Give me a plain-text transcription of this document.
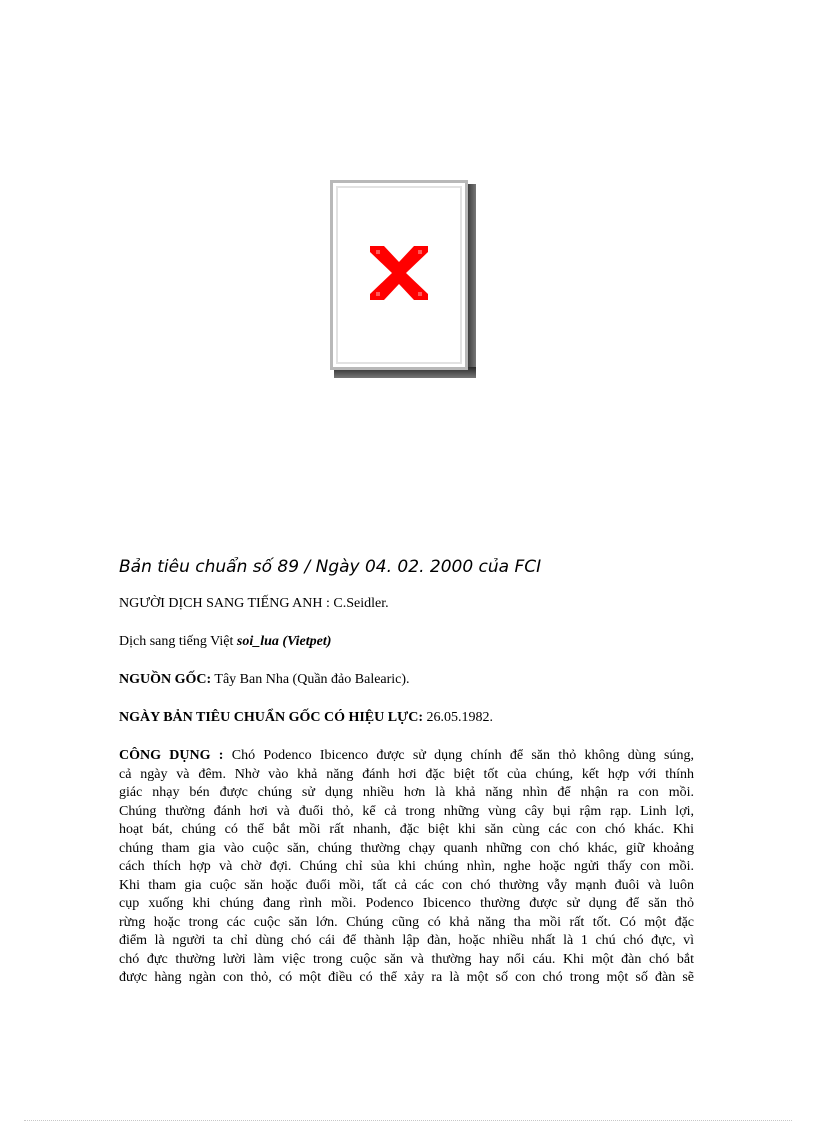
Bản tiêu chuẩn số 89 / Ngày 04. 02. 2000 của FCI
NGƯỜI DỊCH SANG TIẾNG ANH : C.Seidler.
Dịch sang tiếng Việt soi_lua (Vietpet)
NGUỒN GỐC: Tây Ban Nha (Quần đảo Balearic).
NGÀY BẢN TIÊU CHUẨN GỐC CÓ HIỆU LỰC: 26.05.1982.
CÔNG DỤNG : Chó Podenco Ibicenco được sử dụng chính để săn thỏ không dùng súng,
cả ngày và đêm. Nhờ vào khả năng đánh hơi đặc biệt tốt của chúng, kết hợp với thính
giác nhạy bén được chúng sử dụng nhiều hơn là khả năng nhìn để nhận ra con mồi.
Chúng thường đánh hơi và đuổi thỏ, kể cả trong những vùng cây bụi rậm rạp. Linh lợi,
hoạt bát, chúng có thể bắt mồi rất nhanh, đặc biệt khi săn cùng các con chó khác. Khi
chúng tham gia vào cuộc săn, chúng thường chạy quanh những con chó khác, giữ khoảng
cách thích hợp và chờ đợi. Chúng chỉ sủa khi chúng nhìn, nghe hoặc ngửi thấy con mồi.
Khi tham gia cuộc săn hoặc đuổi mồi, tất cả các con chó thường vẫy mạnh đuôi và luôn
cụp xuống khi chúng đang rình mồi. Podenco Ibicenco thường được sử dụng để săn thỏ
rừng hoặc trong các cuộc săn lớn. Chúng cũng có khả năng tha mồi rất tốt. Có một đặc
điểm là người ta chỉ dùng chó cái để thành lập đàn, hoặc nhiều nhất là 1 chú chó đực, vì
chó đực thường lười làm việc trong cuộc săn và thường hay nổi cáu. Khi một đàn chó bắt
được hàng ngàn con thỏ, có một điều có thể xảy ra là một số con chó trong một số đàn sẽ
